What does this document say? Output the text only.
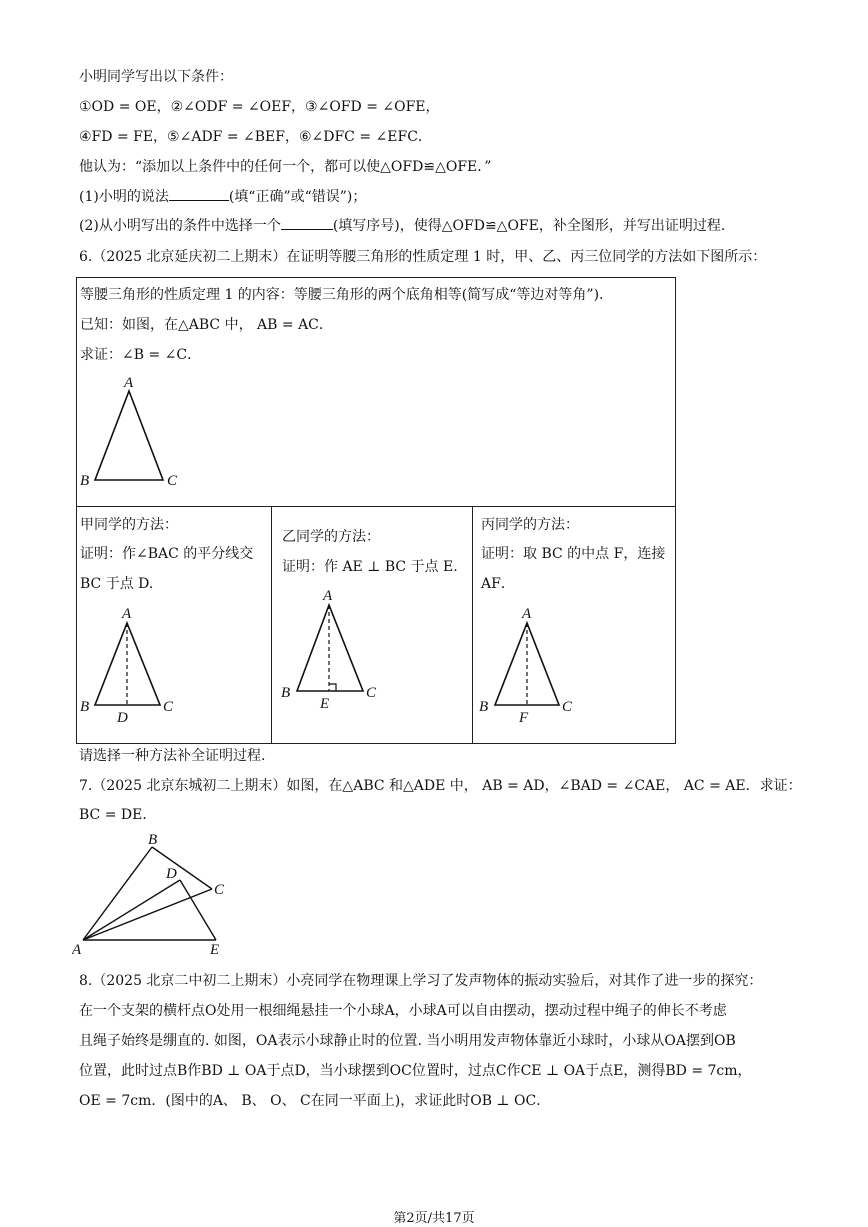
小明同学写出以下条件：
①OD = OE，②∠ODF = ∠OEF，③∠OFD = ∠OFE，
④FD = FE，⑤∠ADF = ∠BEF，⑥∠DFC = ∠EFC．
他认为：“添加以上条件中的任何一个，都可以使△OFD≌△OFE．”
(1)小明的说法	(填“正确”或“错误”)；
(2)从小明写出的条件中选择一个	(填写序号)，使得△OFD≌△OFE，补全图形，并写出证明过程.
6.（2025 北京延庆初二上期末）在证明等腰三角形的性质定理 1 时，甲、乙、丙三位同学的方法如下图所示：
等腰三角形的性质定理 1 的内容：等腰三角形的两个底角相等(简写成“等边对等角”).
已知：如图，在△ABC 中， AB = AC．
求证：∠B = ∠C．
A
B	C
甲同学的方法：
证明：作∠BAC 的平分线交
BC 于点 D.
A
B	C
D
乙同学的方法：
证明：作 AE ⊥ BC 于点 E.
A
B	C
E
丙同学的方法：
证明：取 BC 的中点 F，连接
AF．
A
B	C
F
请选择一种方法补全证明过程.
7.（2025 北京东城初二上期末）如图，在△ABC 和△ADE 中， AB = AD，∠BAD = ∠CAE， AC = AE．求证：
BC = DE．
A
B
C
D
E
8.（2025 北京二中初二上期末）小亮同学在物理课上学习了发声物体的振动实验后，对其作了进一步的探究：
在一个支架的横杆点O处用一根细绳悬挂一个小球A，小球A可以自由摆动，摆动过程中绳子的伸长不考虑
且绳子始终是绷直的. 如图，OA表示小球静止时的位置. 当小明用发声物体靠近小球时，小球从OA摆到OB
位置，此时过点B作BD ⊥ OA于点D，当小球摆到OC位置时，过点C作CE ⊥ OA于点E，测得BD = 7cm，
OE = 7cm．(图中的A、 B、 O、 C在同一平面上)，求证此时OB ⊥ OC．
第2页/共17页
